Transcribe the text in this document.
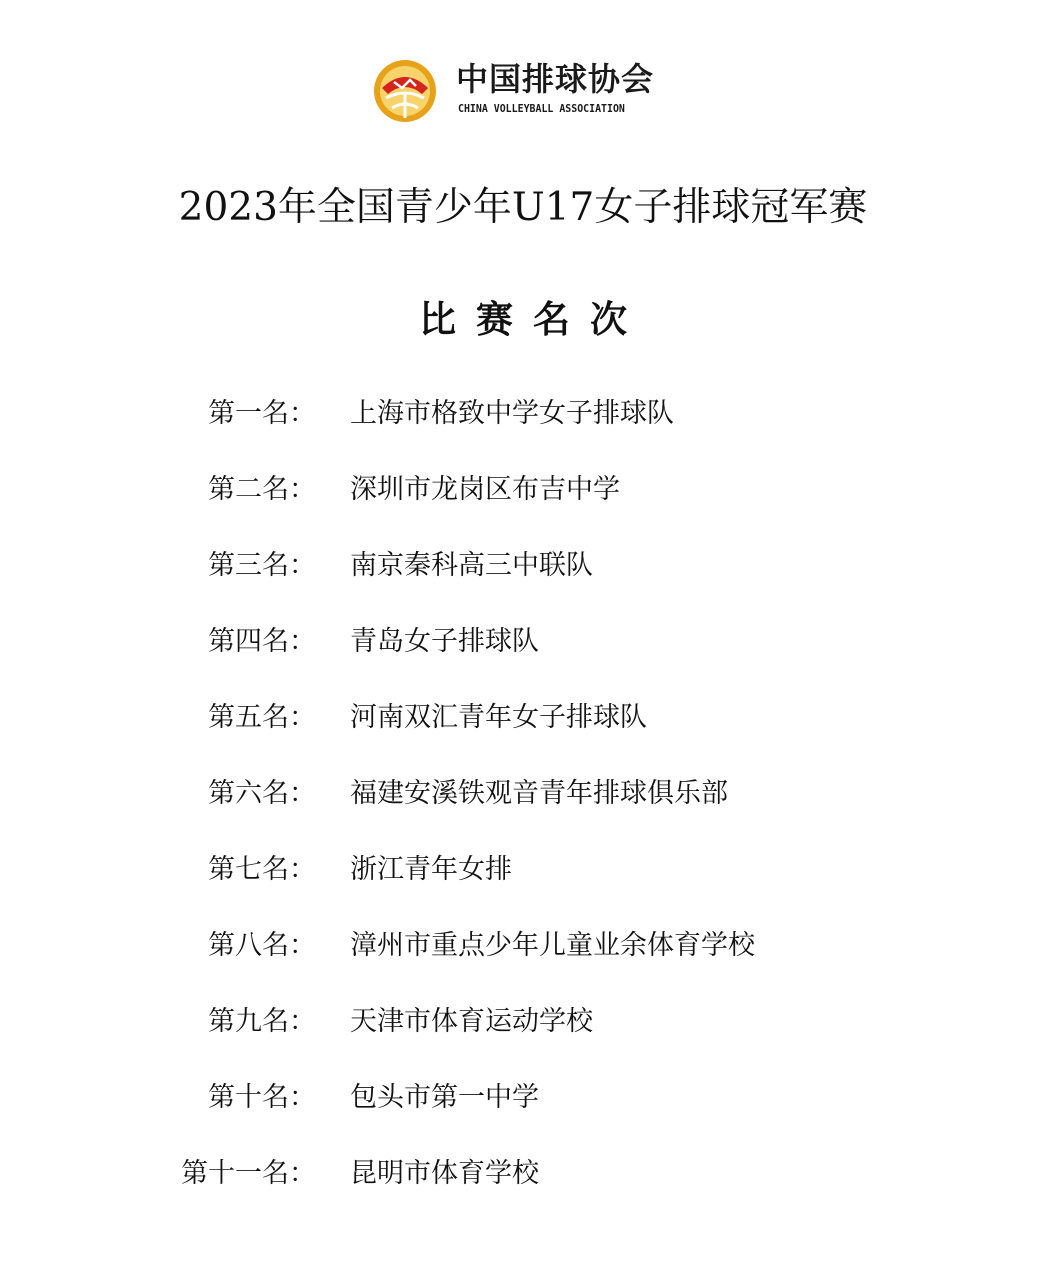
中国排球协会
CHINA VOLLEYBALL ASSOCIATION
2023年全国青少年U17女子排球冠军赛
比赛名次
第一名： 上海市格致中学女子排球队
第二名： 深圳市龙岗区布吉中学
第三名： 南京秦科高三中联队
第四名： 青岛女子排球队
第五名： 河南双汇青年女子排球队
第六名： 福建安溪铁观音青年排球俱乐部
第七名： 浙江青年女排
第八名： 漳州市重点少年儿童业余体育学校
第九名： 天津市体育运动学校
第十名： 包头市第一中学
第十一名： 昆明市体育学校
